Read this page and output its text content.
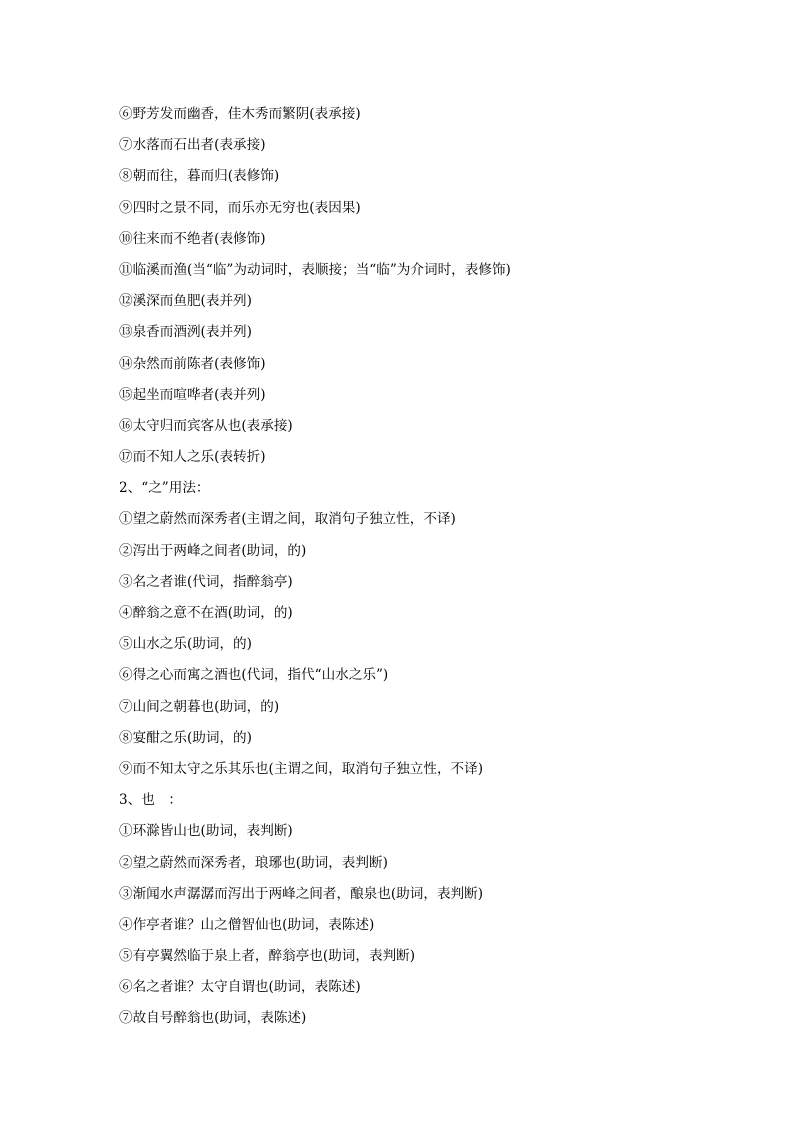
⑥野芳发而幽香，佳木秀而繁阴(表承接)
⑦水落而石出者(表承接)
⑧朝而往，暮而归(表修饰)
⑨四时之景不同，而乐亦无穷也(表因果)
⑩往来而不绝者(表修饰)
⑪临溪而渔(当“临”为动词时，表顺接；当“临”为介词时，表修饰)
⑫溪深而鱼肥(表并列)
⑬泉香而酒洌(表并列)
⑭杂然而前陈者(表修饰)
⑮起坐而喧哗者(表并列)
⑯太守归而宾客从也(表承接)
⑰而不知人之乐(表转折)
2、“之”用法：
①望之蔚然而深秀者(主谓之间，取消句子独立性，不译)
②泻出于两峰之间者(助词，的)
③名之者谁(代词，指醉翁亭)
④醉翁之意不在酒(助词，的)
⑤山水之乐(助词，的)
⑥得之心而寓之酒也(代词，指代“山水之乐”)
⑦山间之朝暮也(助词，的)
⑧宴酣之乐(助词，的)
⑨而不知太守之乐其乐也(主谓之间，取消句子独立性，不译)
3、也　：
①环滁皆山也(助词，表判断)
②望之蔚然而深秀者，琅琊也(助词，表判断)
③渐闻水声潺潺而泻出于两峰之间者，酿泉也(助词，表判断)
④作亭者谁？山之僧智仙也(助词，表陈述)
⑤有亭翼然临于泉上者，醉翁亭也(助词，表判断)
⑥名之者谁？太守自谓也(助词，表陈述)
⑦故自号醉翁也(助词，表陈述)
